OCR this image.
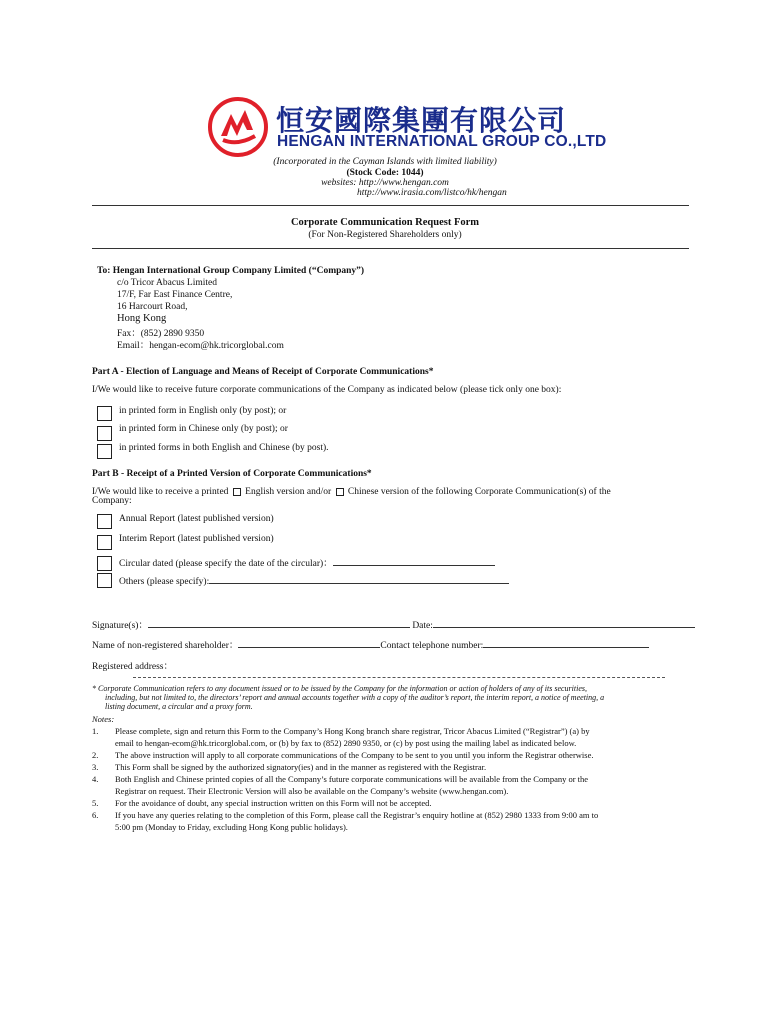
恒安國際集團有限公司
HENGAN INTERNATIONAL GROUP CO.,LTD
(Incorporated in the Cayman Islands with limited liability)
(Stock Code: 1044)
websites: http://www.hengan.com
http://www.irasia.com/listco/hk/hengan
Corporate Communication Request Form
(For Non-Registered Shareholders only)
To: Hengan International Group Company Limited (“Company”)
c/o Tricor Abacus Limited
17/F, Far East Finance Centre,
16 Harcourt Road,
Hong Kong
Fax：(852) 2890 9350
Email：hengan-ecom@hk.tricorglobal.com
Part A - Election of Language and Means of Receipt of Corporate Communications*
I/We would like to receive future corporate communications of the Company as indicated below (please tick only one box):
in printed form in English only (by post); or
in printed form in Chinese only (by post); or
in printed forms in both English and Chinese (by post).
Part B - Receipt of a Printed Version of Corporate Communications*
I/We would like to receive a printed English version and/or Chinese version of the following Corporate Communication(s) of the
Company:
Annual Report (latest published version)
Interim Report (latest published version)
Circular dated (please specify the date of the circular)：
Others (please specify):
Signature(s)：	Date:
Name of non-registered shareholder：	Contact telephone number:
Registered address：
* Corporate Communication refers to any document issued or to be issued by the Company for the information or action of holders of any of its securities,
including, but not limited to, the directors’ report and annual accounts together with a copy of the auditor’s report, the interim report, a notice of meeting, a
listing document, a circular and a proxy form.
Notes:
1. Please complete, sign and return this Form to the Company’s Hong Kong branch share registrar, Tricor Abacus Limited (“Registrar”) (a) by
email to hengan-ecom@hk.tricorglobal.com, or (b) by fax to (852) 2890 9350, or (c) by post using the mailing label as indicated below.
2. The above instruction will apply to all corporate communications of the Company to be sent to you until you inform the Registrar otherwise.
3. This Form shall be signed by the authorized signatory(ies) and in the manner as registered with the Registrar.
4. Both English and Chinese printed copies of all the Company’s future corporate communications will be available from the Company or the
Registrar on request. Their Electronic Version will also be available on the Company’s website (www.hengan.com).
5. For the avoidance of doubt, any special instruction written on this Form will not be accepted.
6. If you have any queries relating to the completion of this Form, please call the Registrar’s enquiry hotline at (852) 2980 1333 from 9:00 am to
5:00 pm (Monday to Friday, excluding Hong Kong public holidays).
